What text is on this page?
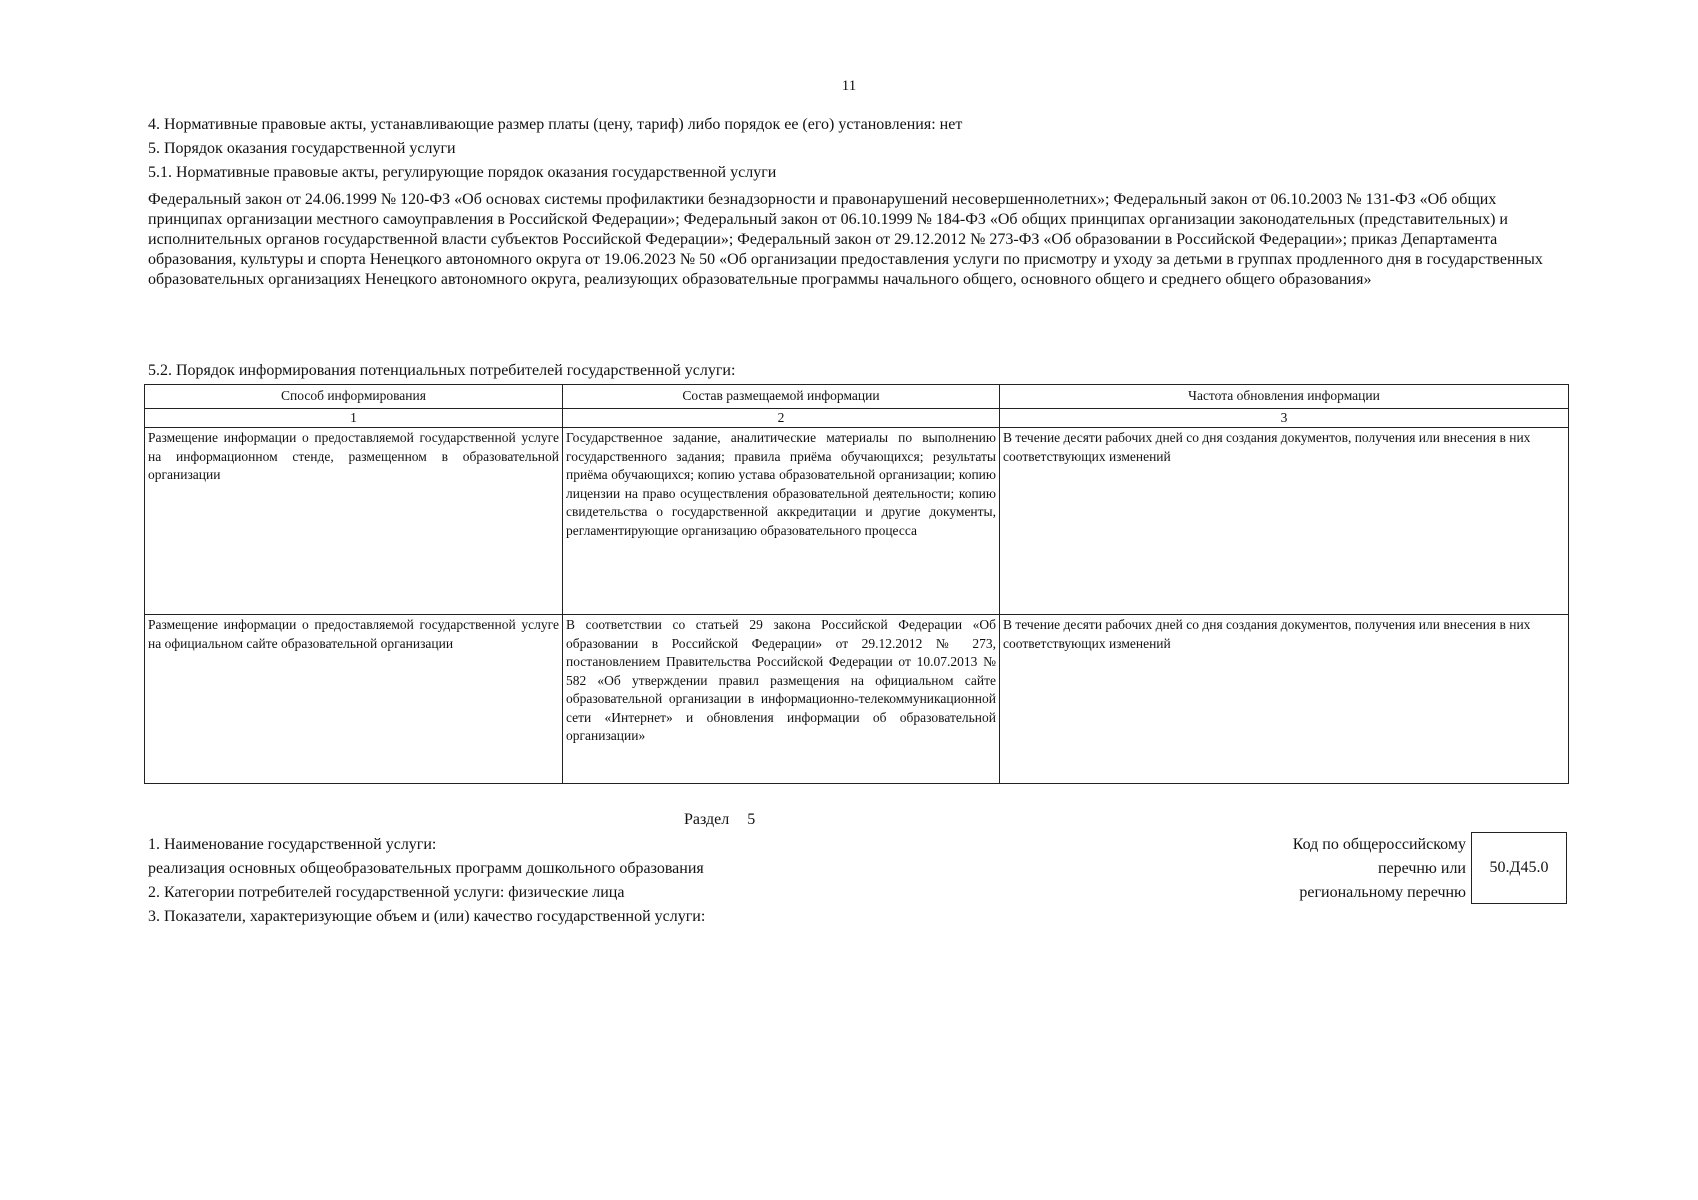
11
4. Нормативные правовые акты, устанавливающие размер платы (цену, тариф) либо порядок ее (его) установления: нет
5. Порядок оказания государственной услуги
5.1. Нормативные правовые акты, регулирующие порядок оказания государственной услуги
Федеральный закон от 24.06.1999 № 120-ФЗ «Об основах системы профилактики безнадзорности и правонарушений несовершеннолетних»; Федеральный закон от 06.10.2003 № 131-ФЗ «Об общих принципах организации местного самоуправления в Российской Федерации»; Федеральный закон от 06.10.1999 № 184-ФЗ «Об общих принципах организации законодательных (представительных) и исполнительных органов государственной власти субъектов Российской Федерации»; Федеральный закон от 29.12.2012 № 273-ФЗ «Об образовании в Российской Федерации»; приказ Департамента образования, культуры и спорта Ненецкого автономного округа от 19.06.2023 № 50 «Об организации предоставления услуги по присмотру и уходу за детьми в группах продленного дня в государственных образовательных организациях Ненецкого автономного округа, реализующих образовательные программы начального общего, основного общего и среднего общего образования»
5.2. Порядок информирования потенциальных потребителей государственной услуги:
Способ информирования	Состав размещаемой информации	Частота обновления информации
1	2	3
Размещение информации о предоставляемой государственной услуге на информационном стенде, размещенном в образовательной организации	Государственное задание, аналитические материалы по выполнению государственного задания; правила приёма обучающихся; результаты приёма обучающихся; копию устава образовательной организации; копию лицензии на право осуществления образовательной деятельности; копию свидетельства о государственной аккредитации и другие документы, регламентирующие организацию образовательного процесса	В течение десяти рабочих дней со дня создания документов, получения или внесения в них соответствующих изменений
Размещение информации о предоставляемой государственной услуге на официальном сайте образовательной организации	В соответствии со статьей 29 закона Российской Федерации «Об образовании в Российской Федерации» от 29.12.2012 № 273, постановлением Правительства Российской Федерации от 10.07.2013 № 582 «Об утверждении правил размещения на официальном сайте образовательной организации в информационно-телекоммуникационной сети «Интернет» и обновления информации об образовательной организации»	В течение десяти рабочих дней со дня создания документов, получения или внесения в них соответствующих изменений
Раздел 5
1. Наименование государственной услуги:
реализация основных общеобразовательных программ дошкольного образования
2. Категории потребителей государственной услуги: физические лица
3. Показатели, характеризующие объем и (или) качество государственной услуги:
Код по общероссийскому
перечню или
региональному перечню
50.Д45.0
